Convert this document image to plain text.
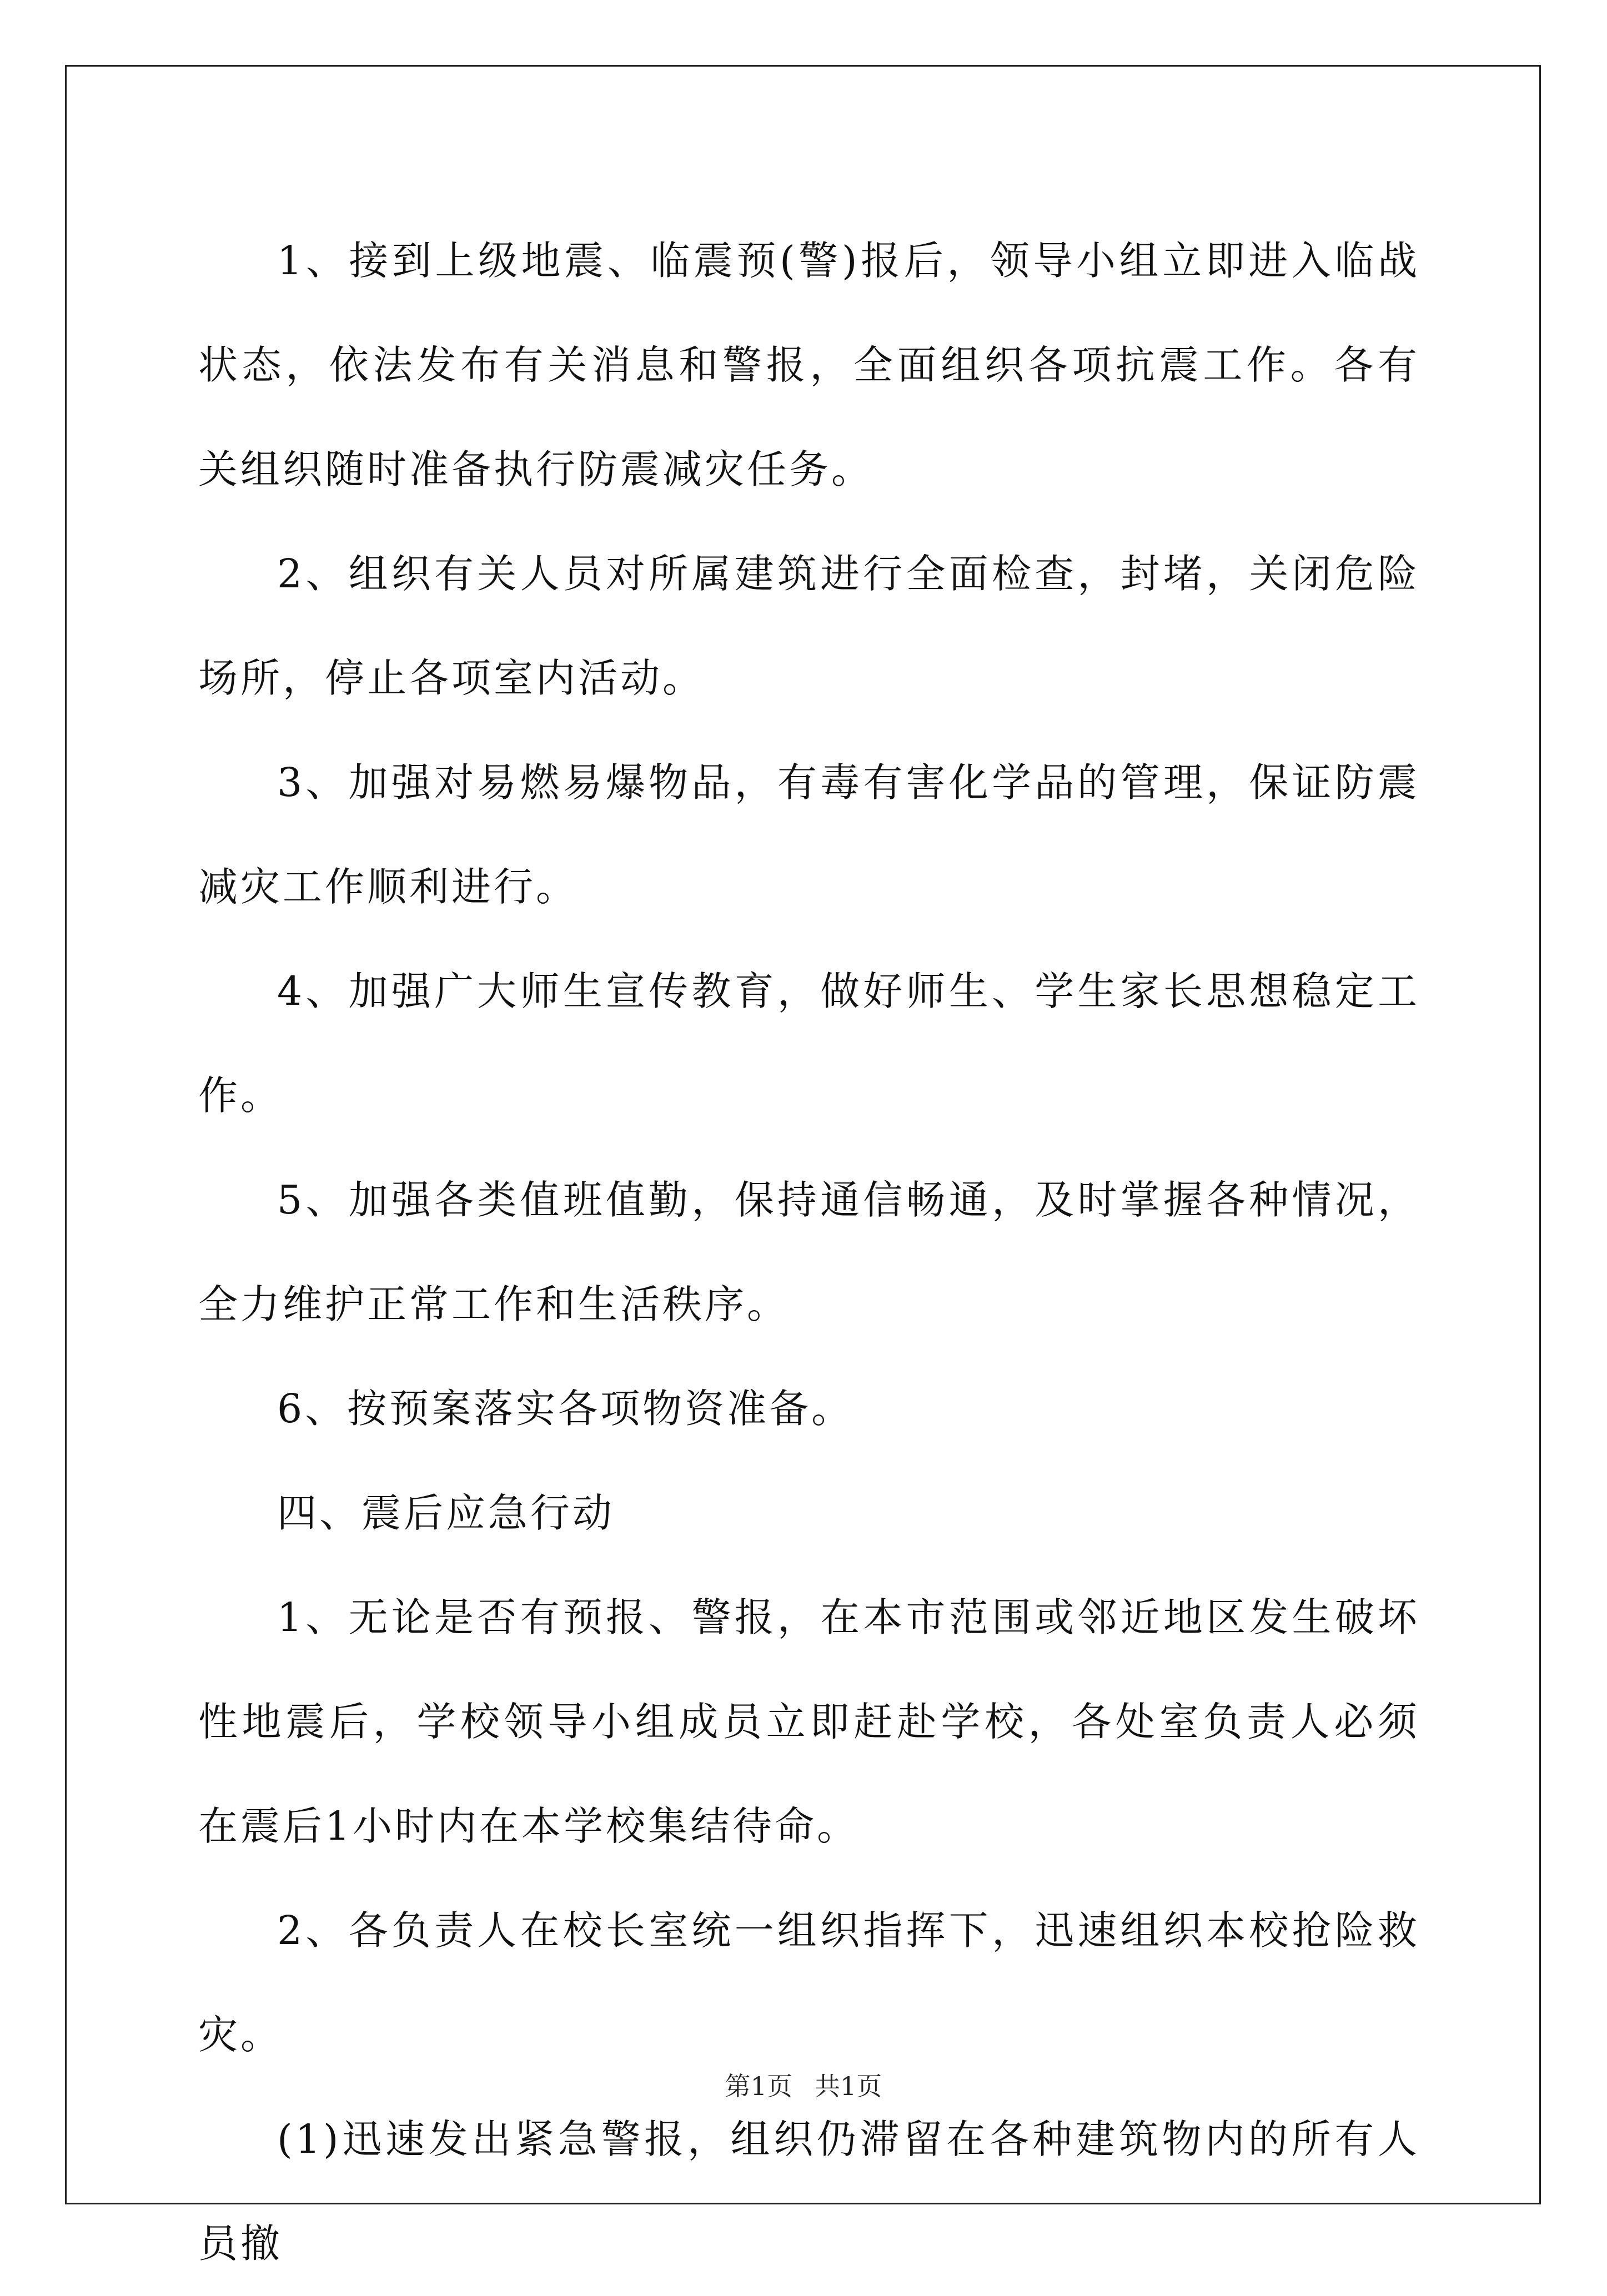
1、接到上级地震、临震预(警)报后，领导小组立即进入临战状态，依法发布有关消息和警报，全面组织各项抗震工作。各有关组织随时准备执行防震减灾任务。

2、组织有关人员对所属建筑进行全面检查，封堵，关闭危险场所，停止各项室内活动。

3、加强对易燃易爆物品，有毒有害化学品的管理，保证防震减灾工作顺利进行。

4、加强广大师生宣传教育，做好师生、学生家长思想稳定工作。

5、加强各类值班值勤，保持通信畅通，及时掌握各种情况，全力维护正常工作和生活秩序。

6、按预案落实各项物资准备。

四、震后应急行动

1、无论是否有预报、警报，在本市范围或邻近地区发生破坏性地震后，学校领导小组成员立即赶赴学校，各处室负责人必须在震后1小时内在本学校集结待命。

2、各负责人在校长室统一组织指挥下，迅速组织本校抢险救灾。

(1)迅速发出紧急警报，组织仍滞留在各种建筑物内的所有人员撤

第1页 共1页
